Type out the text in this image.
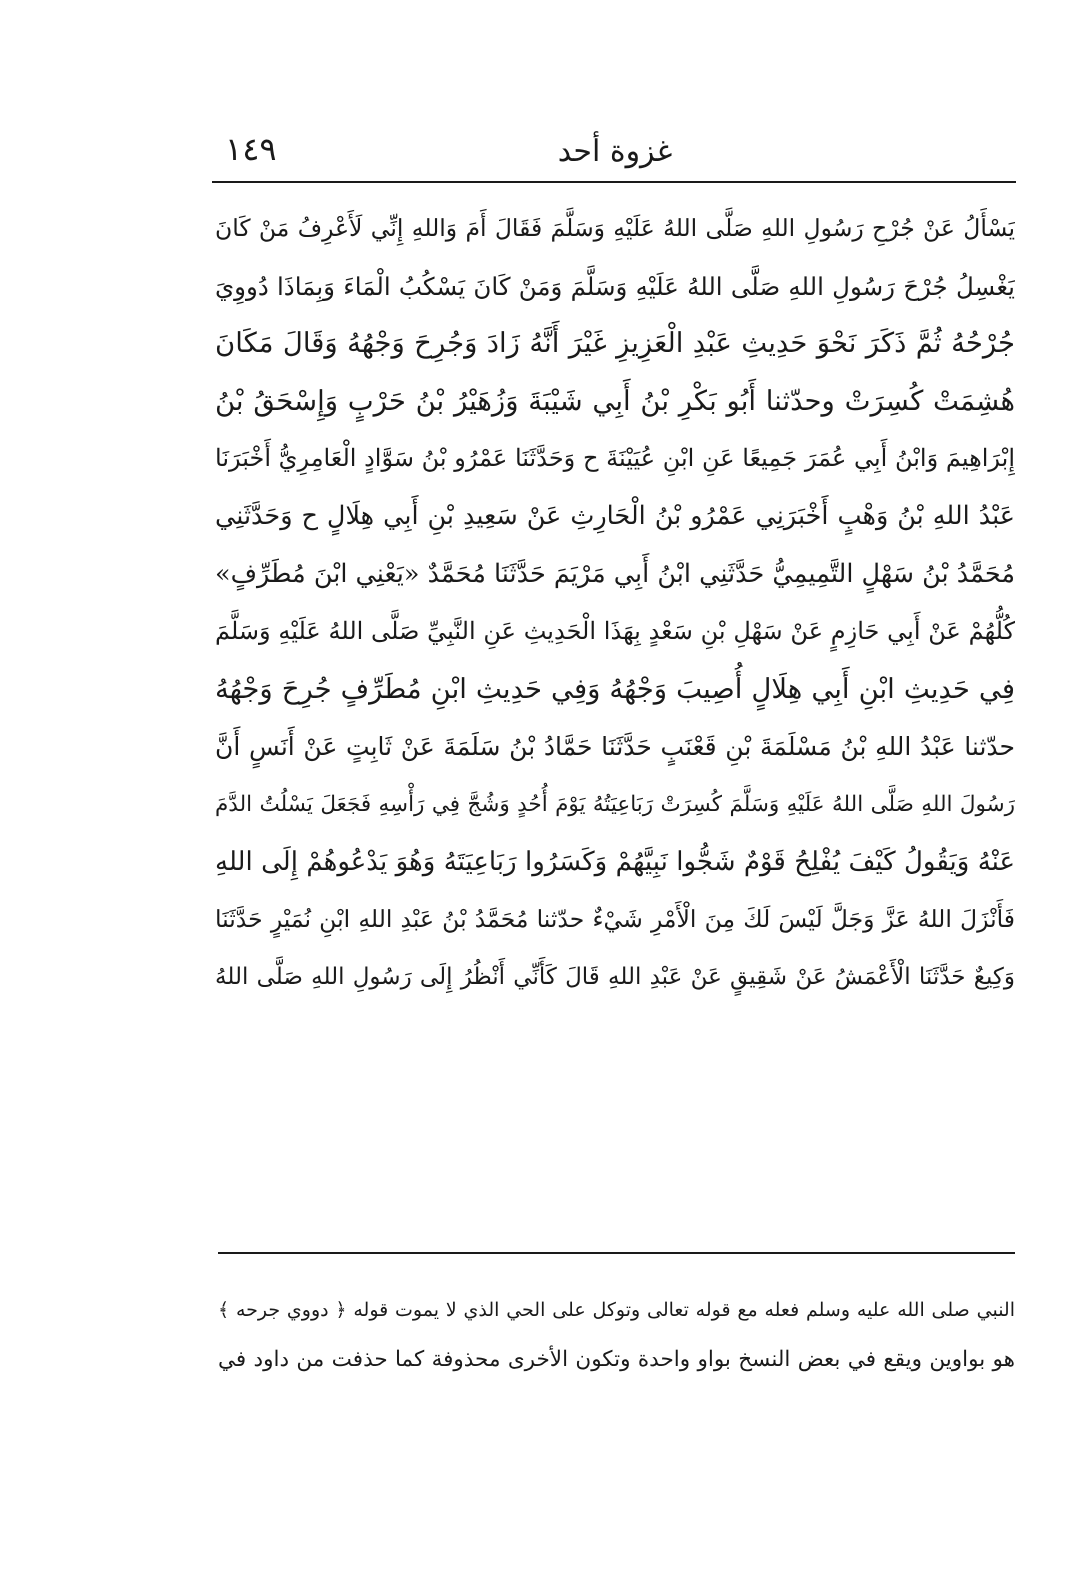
غزوة أحد
١٤٩
يَسْأَلُ عَنْ جُرْحِ رَسُولِ اللهِ صَلَّى اللهُ عَلَيْهِ وَسَلَّمَ فَقَالَ أَمَ وَاللهِ إِنِّي لَأَعْرِفُ مَنْ كَانَ
يَغْسِلُ جُرْحَ رَسُولِ اللهِ صَلَّى اللهُ عَلَيْهِ وَسَلَّمَ وَمَنْ كَانَ يَسْكُبُ الْمَاءَ وَبِمَاذَا دُووِيَ
جُرْحُهُ ثُمَّ ذَكَرَ نَحْوَ حَدِيثِ عَبْدِ الْعَزِيزِ غَيْرَ أَنَّهُ زَادَ وَجُرِحَ وَجْهُهُ وَقَالَ مَكَانَ
هُشِمَتْ كُسِرَتْ وحدّثنا أَبُو بَكْرِ بْنُ أَبِي شَيْبَةَ وَزُهَيْرُ بْنُ حَرْبٍ وَإِسْحَقُ بْنُ
إِبْرَاهِيمَ وَابْنُ أَبِي عُمَرَ جَمِيعًا عَنِ ابْنِ عُيَيْنَةَ ح وَحَدَّثَنَا عَمْرُو بْنُ سَوَّادٍ الْعَامِرِيُّ أَخْبَرَنَا
عَبْدُ اللهِ بْنُ وَهْبٍ أَخْبَرَنِي عَمْرُو بْنُ الْحَارِثِ عَنْ سَعِيدِ بْنِ أَبِي هِلَالٍ ح وَحَدَّثَنِي
مُحَمَّدُ بْنُ سَهْلٍ التَّمِيمِيُّ حَدَّثَنِي ابْنُ أَبِي مَرْيَمَ حَدَّثَنَا مُحَمَّدٌ «يَعْنِي ابْنَ مُطَرِّفٍ»
كُلُّهُمْ عَنْ أَبِي حَازِمٍ عَنْ سَهْلِ بْنِ سَعْدٍ بِهَذَا الْحَدِيثِ عَنِ النَّبِيِّ صَلَّى اللهُ عَلَيْهِ وَسَلَّمَ
فِي حَدِيثِ ابْنِ أَبِي هِلَالٍ أُصِيبَ وَجْهُهُ وَفِي حَدِيثِ ابْنِ مُطَرِّفٍ جُرِحَ وَجْهُهُ
حدّثنا عَبْدُ اللهِ بْنُ مَسْلَمَةَ بْنِ قَعْنَبٍ حَدَّثَنَا حَمَّادُ بْنُ سَلَمَةَ عَنْ ثَابِتٍ عَنْ أَنَسٍ أَنَّ
رَسُولَ اللهِ صَلَّى اللهُ عَلَيْهِ وَسَلَّمَ كُسِرَتْ رَبَاعِيَتُهُ يَوْمَ أُحُدٍ وَشُجَّ فِي رَأْسِهِ فَجَعَلَ يَسْلُتُ الدَّمَ
عَنْهُ وَيَقُولُ كَيْفَ يُفْلِحُ قَوْمٌ شَجُّوا نَبِيَّهُمْ وَكَسَرُوا رَبَاعِيَتَهُ وَهُوَ يَدْعُوهُمْ إِلَى اللهِ
فَأَنْزَلَ اللهُ عَزَّ وَجَلَّ لَيْسَ لَكَ مِنَ الْأَمْرِ شَيْءٌ حدّثنا مُحَمَّدُ بْنُ عَبْدِ اللهِ ابْنِ نُمَيْرٍ حَدَّثَنَا
وَكِيعٌ حَدَّثَنَا الْأَعْمَشُ عَنْ شَقِيقٍ عَنْ عَبْدِ اللهِ قَالَ كَأَنِّي أَنْظُرُ إِلَى رَسُولِ اللهِ صَلَّى اللهُ
النبي صلى الله عليه وسلم فعله مع قوله تعالى وتوكل على الحي الذي لا يموت قوله ﴿ دووي جرحه ﴾
هو بواوين ويقع في بعض النسخ بواو واحدة وتكون الأخرى محذوفة كما حذفت من داود في
